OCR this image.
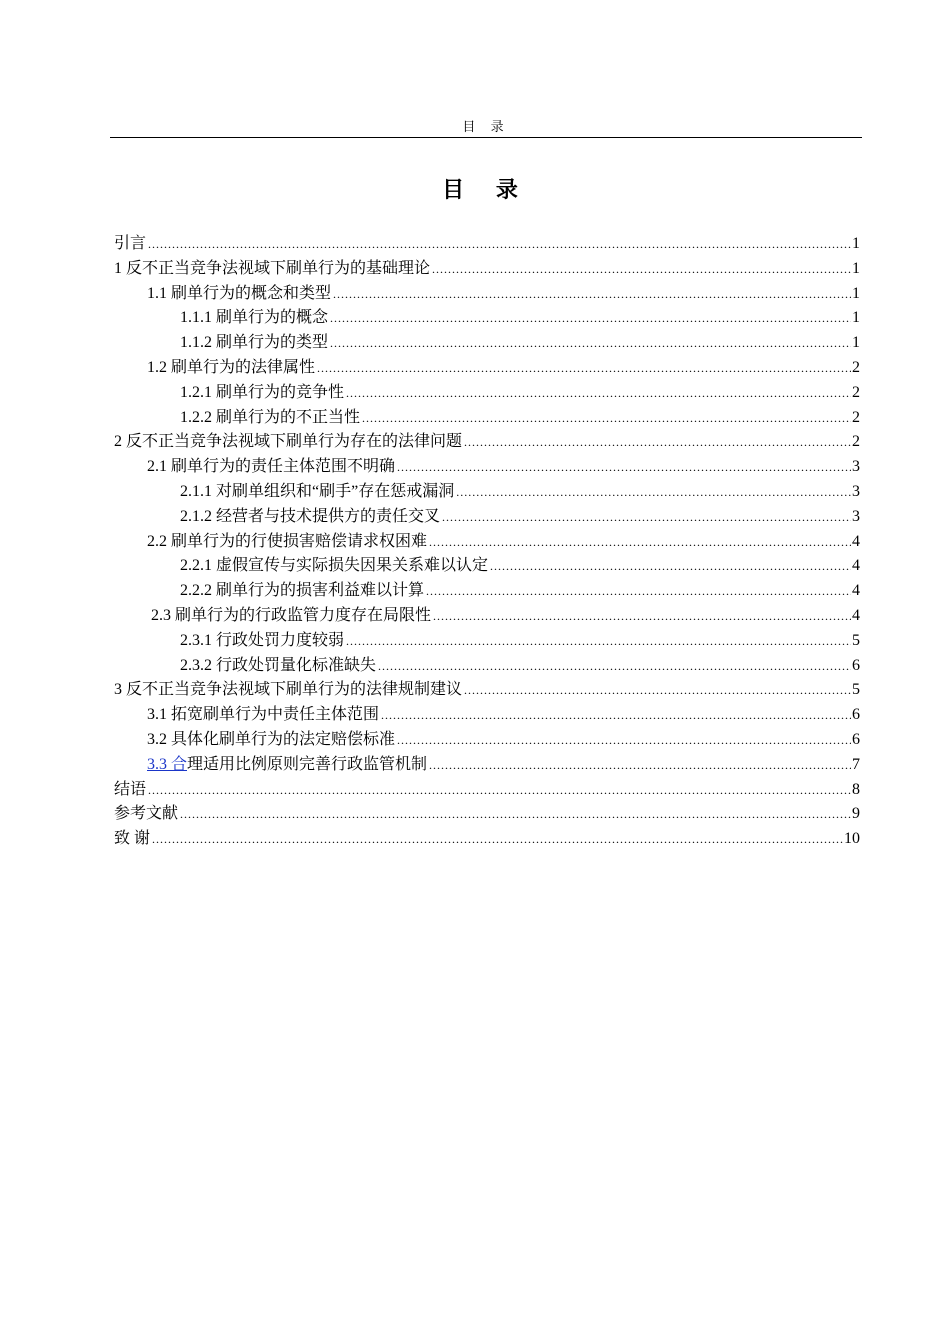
目 录
目 录
引言 .....	1
1 反不正当竞争法视域下刷单行为的基础理论 .....	1
1.1 刷单行为的概念和类型 .....	1
1.1.1 刷单行为的概念 .....	1
1.1.2 刷单行为的类型 .....	1
1.2 刷单行为的法律属性 .....	2
1.2.1 刷单行为的竞争性 .....	2
1.2.2 刷单行为的不正当性 .....	2
2 反不正当竞争法视域下刷单行为存在的法律问题 .....	2
2.1 刷单行为的责任主体范围不明确 .....	3
2.1.1 对刷单组织和“刷手”存在惩戒漏洞 .....	3
2.1.2 经营者与技术提供方的责任交叉 .....	3
2.2 刷单行为的行使损害赔偿请求权困难 .....	4
2.2.1 虚假宣传与实际损失因果关系难以认定 .....	4
2.2.2 刷单行为的损害利益难以计算 .....	4
2.3 刷单行为的行政监管力度存在局限性 .....	4
2.3.1 行政处罚力度较弱 .....	5
2.3.2 行政处罚量化标准缺失 .....	6
3 反不正当竞争法视域下刷单行为的法律规制建议 .....	5
3.1 拓宽刷单行为中责任主体范围 .....	6
3.2 具体化刷单行为的法定赔偿标准 .....	6
3.3 合理适用比例原则完善行政监管机制 .....	7
结语 .....	8
参考文献 .....	9
致 谢 .....	10
